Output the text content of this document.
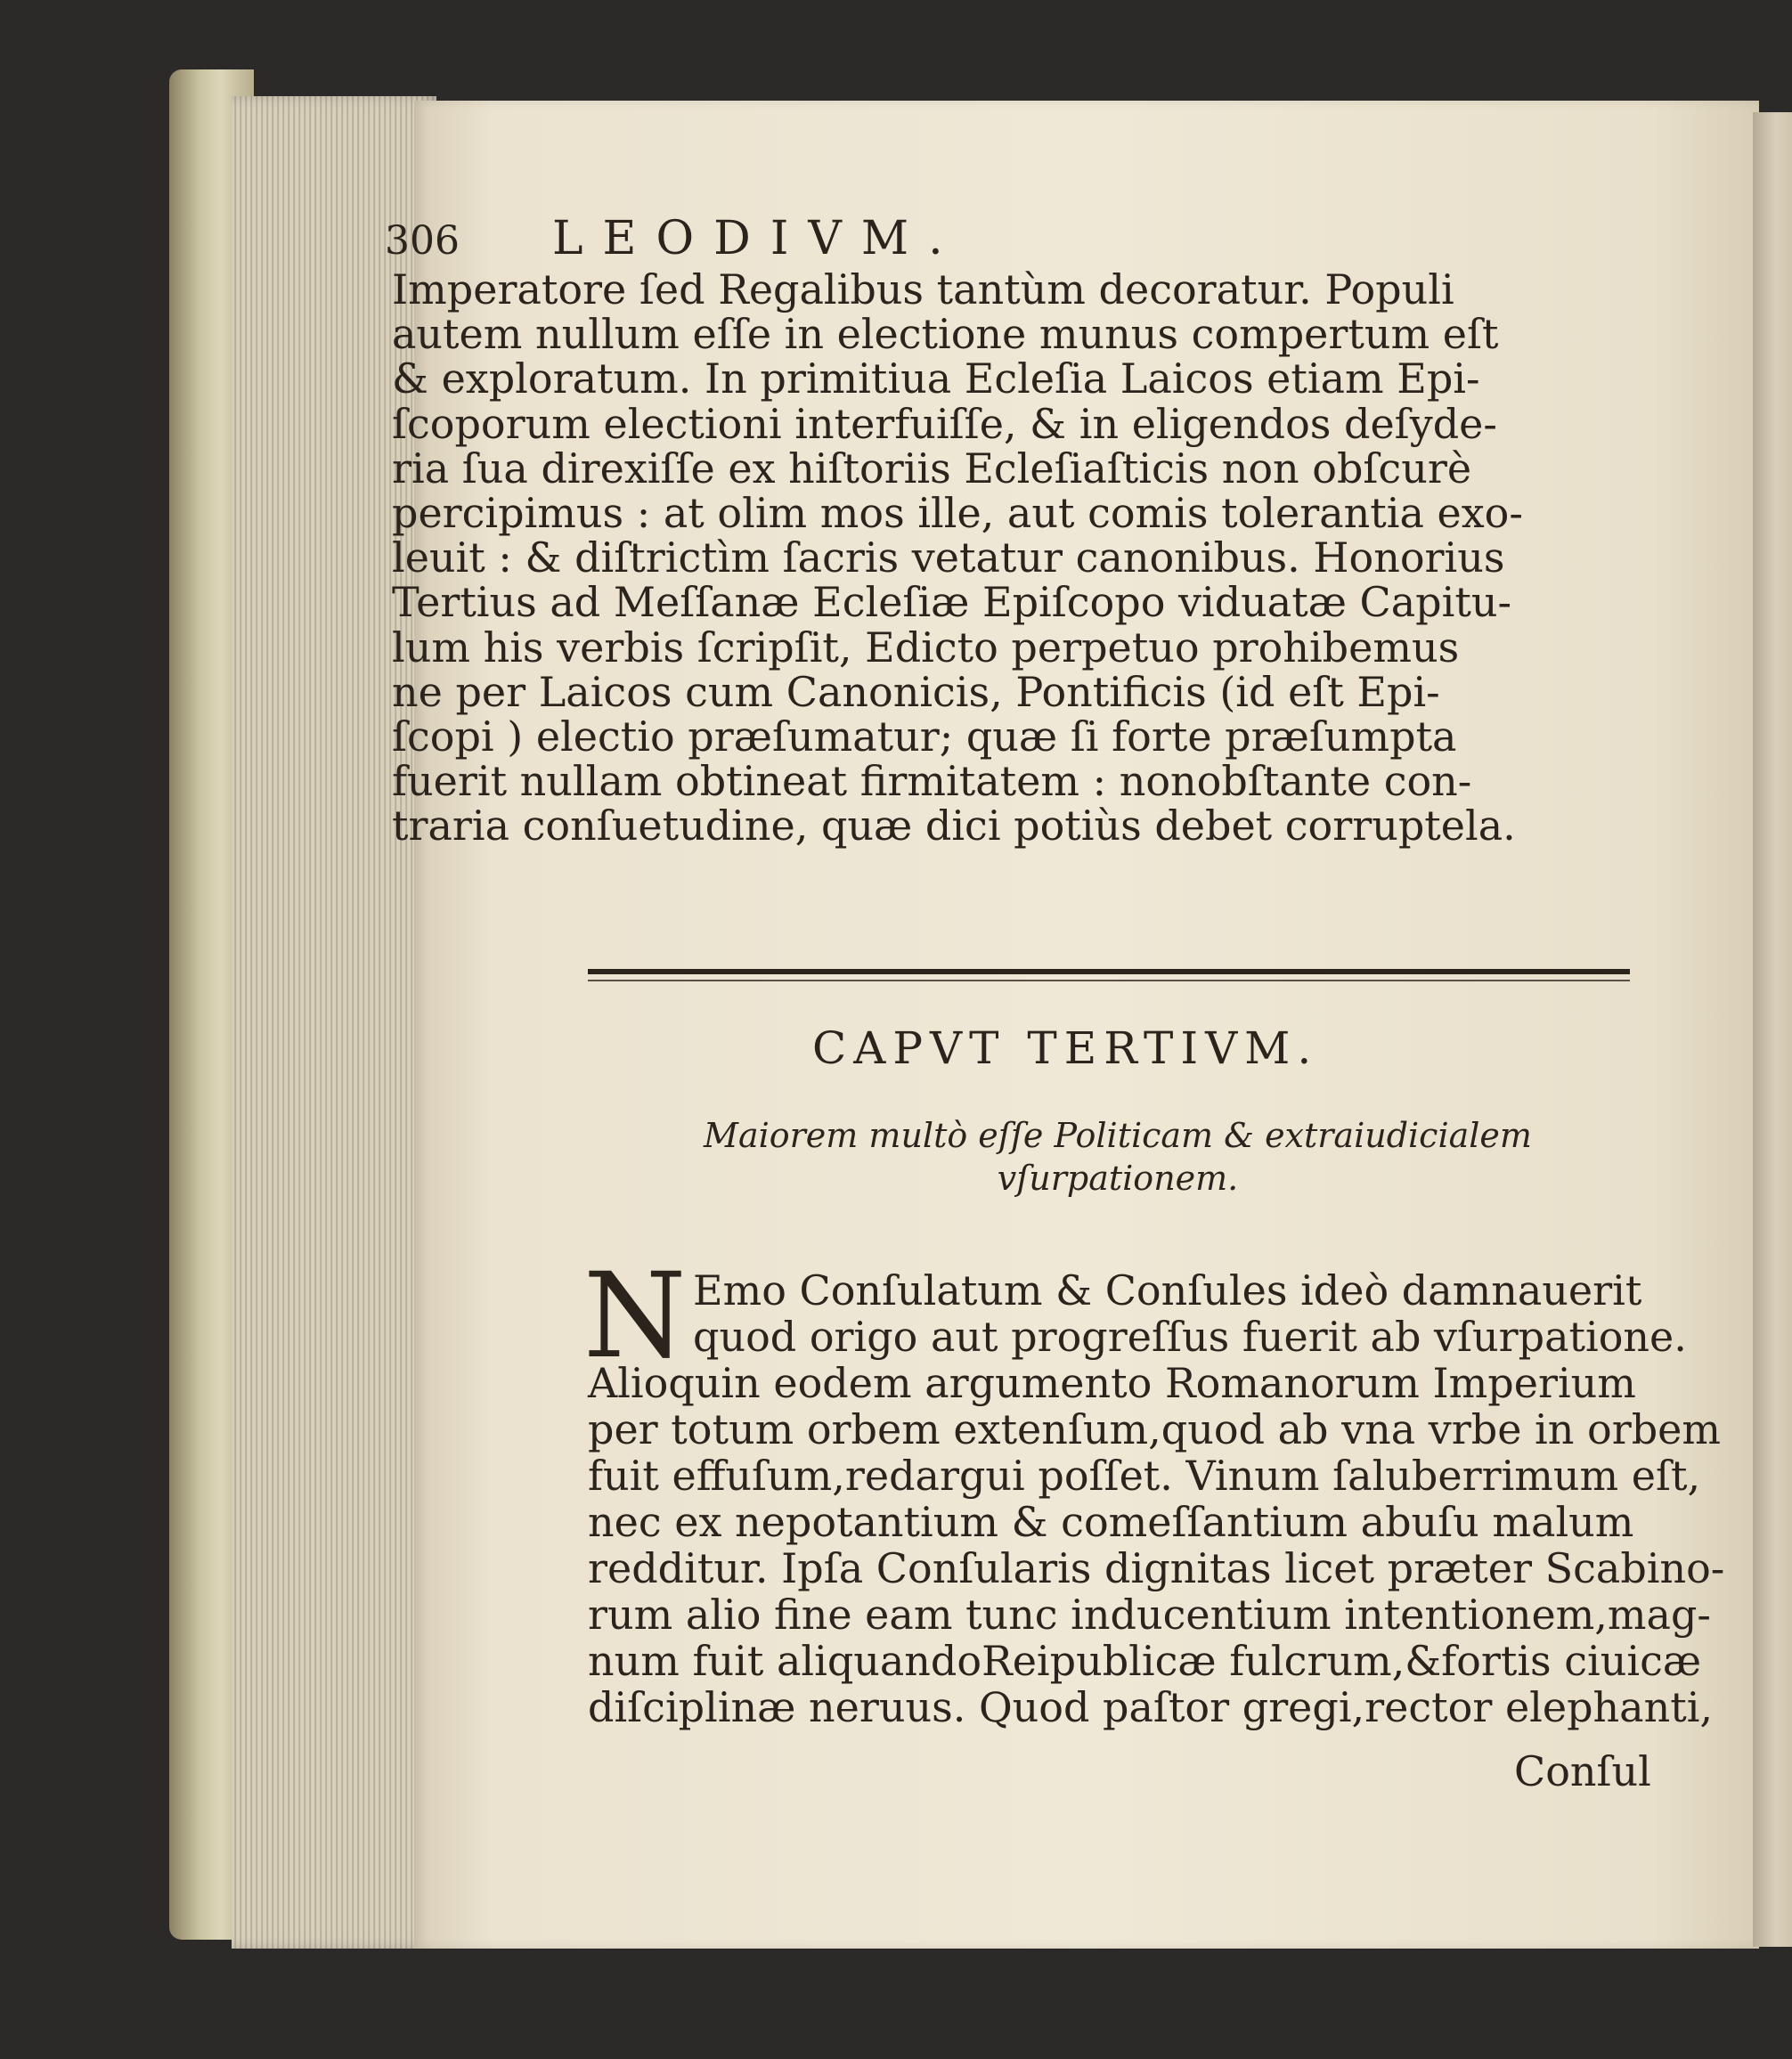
306 LEODIVM.
Imperatore ſed Regalibus tantùm decoratur. Populi
autem nullum eſſe in electione munus compertum eſt
& exploratum. In primitiua Ecleſia Laicos etiam Epi-
ſcoporum electioni interfuiſſe, & in eligendos deſyde-
ria ſua direxiſſe ex hiſtoriis Ecleſiaſticis non obſcurè
percipimus : at olim mos ille, aut comis tolerantia exo-
leuit : & diſtrictìm ſacris vetatur canonibus. Honorius
Tertius ad Meſſanæ Ecleſiæ Epiſcopo viduatæ Capitu-
lum his verbis ſcripſit, Edicto perpetuo prohibemus
ne per Laicos cum Canonicis, Pontificis (id eſt Epi-
ſcopi ) electio præſumatur; quæ ſi forte præſumpta
fuerit nullam obtineat firmitatem : nonobſtante con-
traria conſuetudine, quæ dici potiùs debet corruptela.
CAPVT TERTIVM.
Maiorem multò eſſe Politicam & extraiudicialem
vſurpationem.
N Emo Conſulatum & Conſules ideò damnauerit
quod origo aut progreſſus fuerit ab vſurpatione.
Alioquin eodem argumento Romanorum Imperium
per totum orbem extenſum,quod ab vna vrbe in orbem
fuit effuſum,redargui poſſet. Vinum ſaluberrimum eſt,
nec ex nepotantium & comeſſantium abuſu malum
redditur. Ipſa Conſularis dignitas licet præter Scabino-
rum alio fine eam tunc inducentium intentionem,mag-
num fuit aliquandoReipublicæ fulcrum,&fortis ciuicæ
diſciplinæ neruus. Quod paſtor gregi,rector elephanti,
Conſul
